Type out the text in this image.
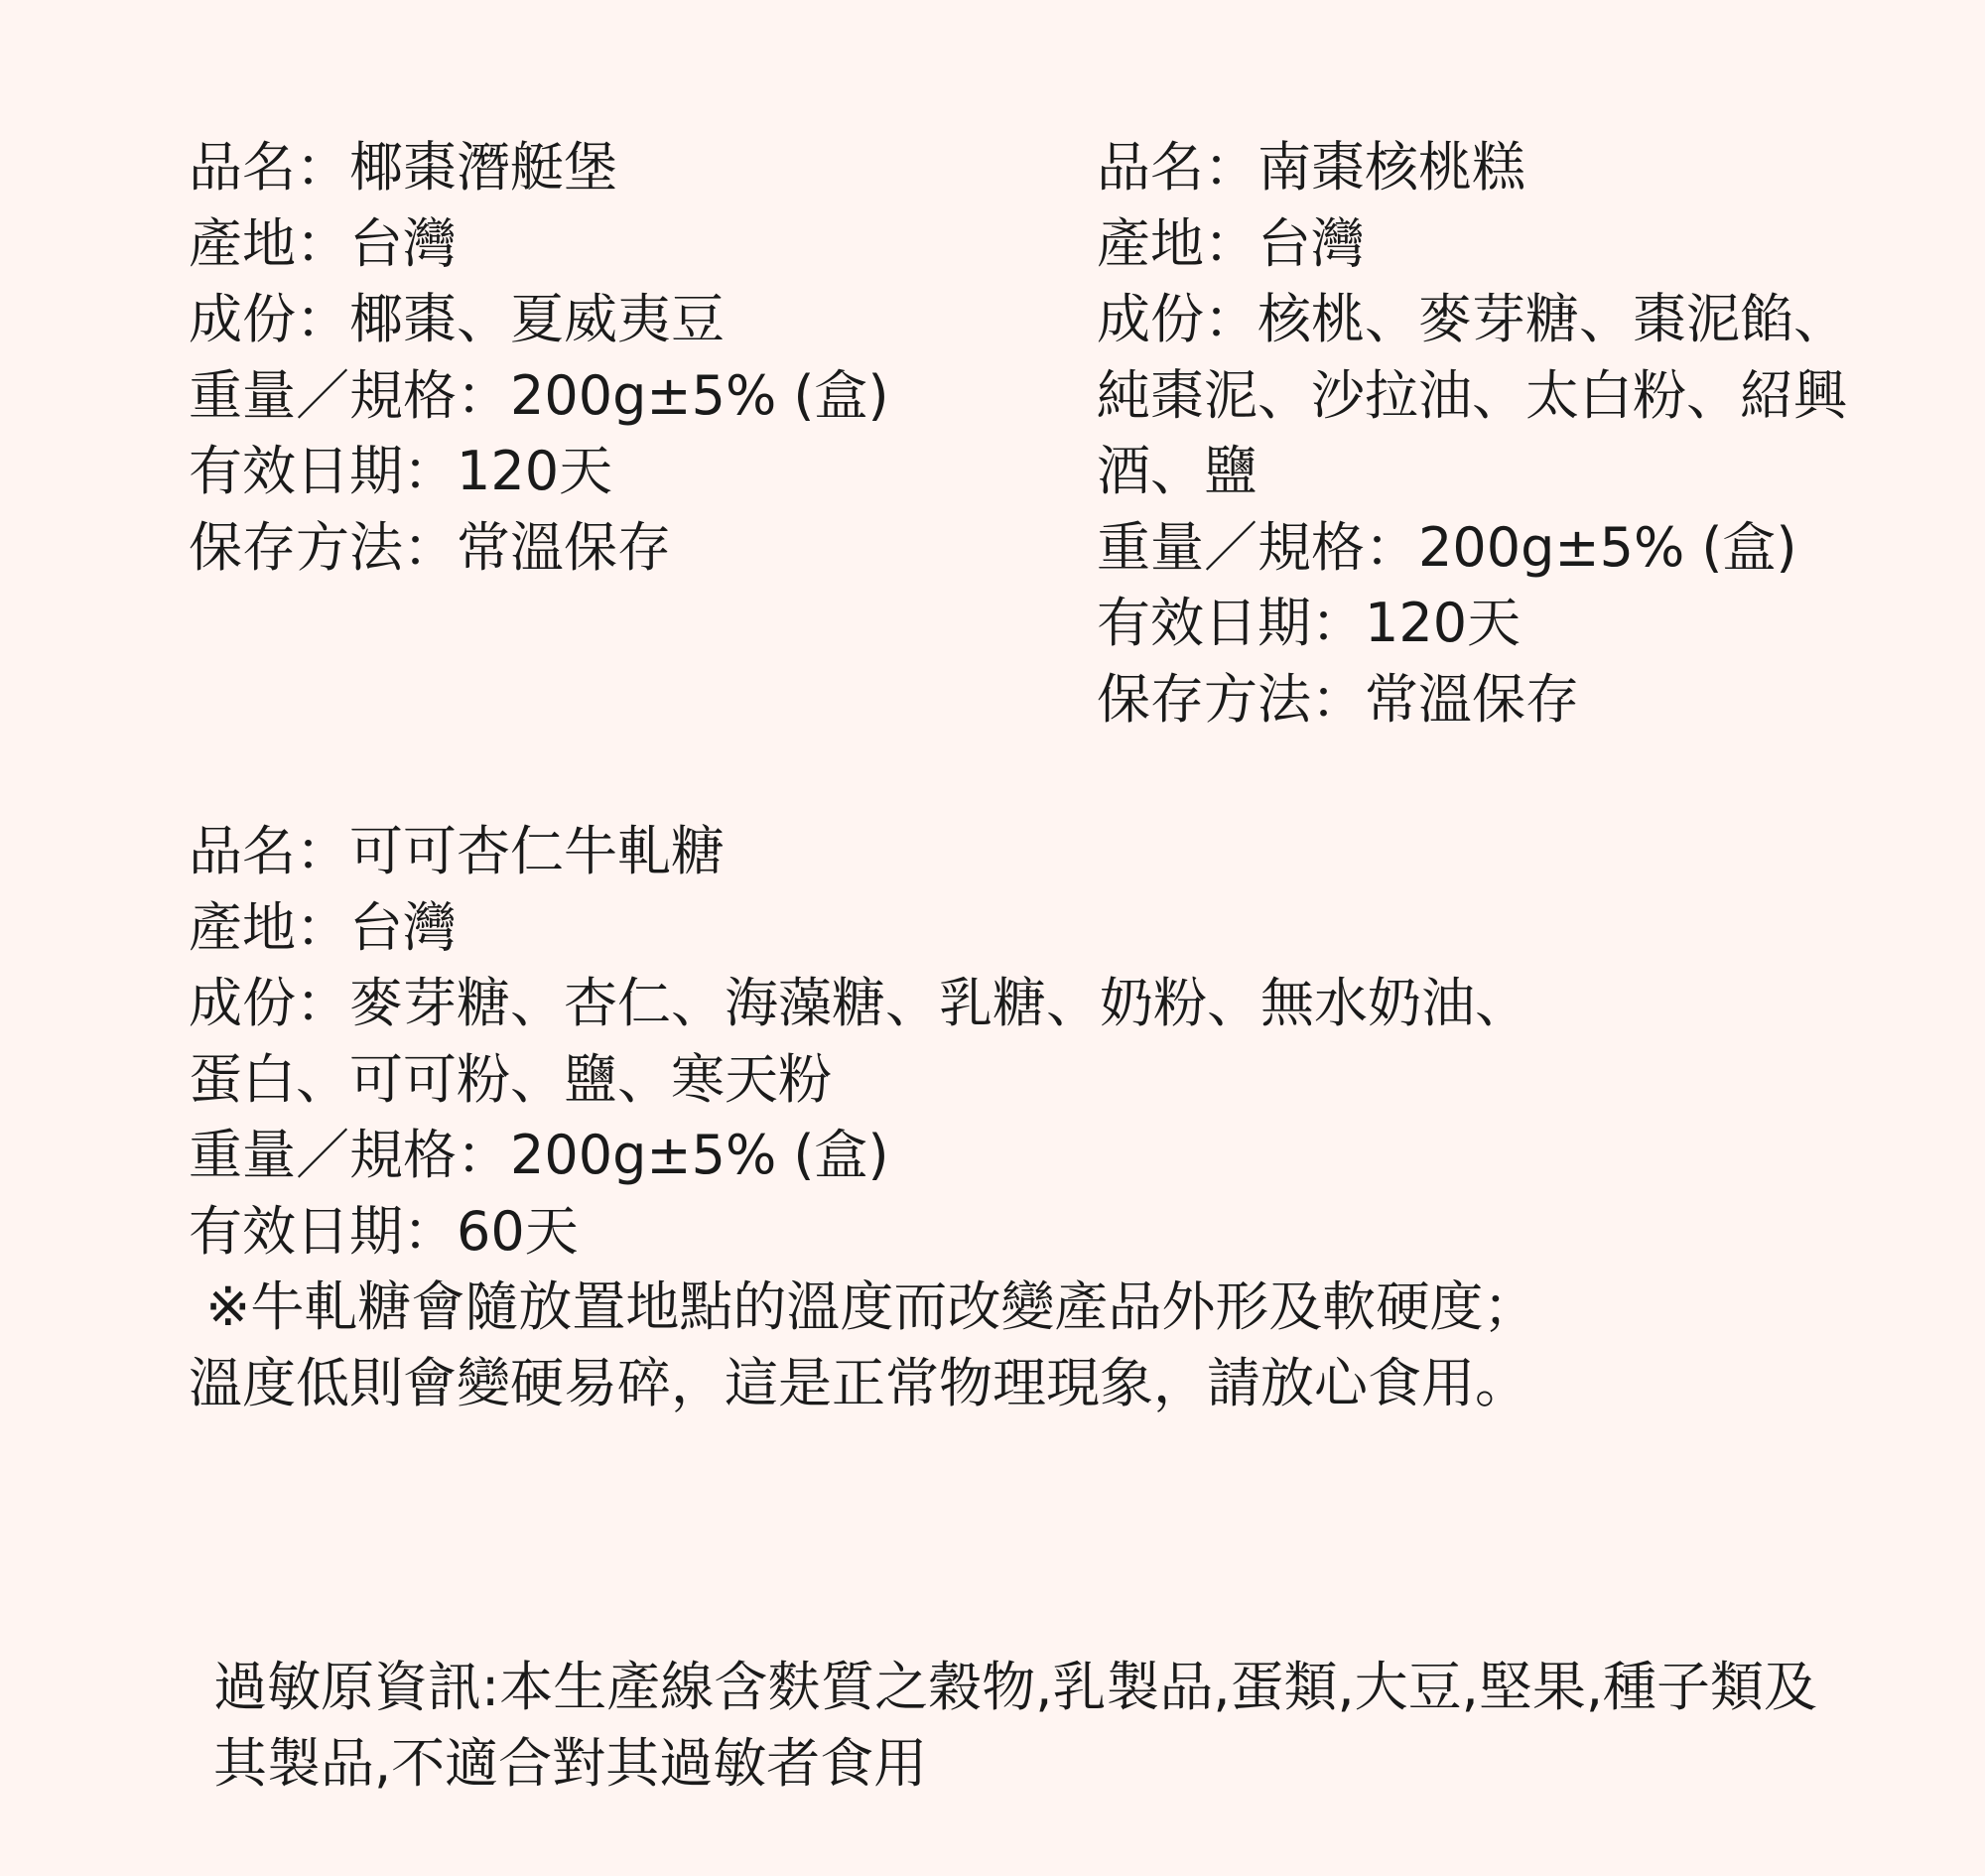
品名：椰棗潛艇堡

產地：台灣

成份：椰棗、夏威夷豆

重量／規格：200g±5% (盒)

有效日期：120天

保存方法：常溫保存

品名：南棗核桃糕

產地：台灣

成份：核桃、麥芽糖、棗泥餡、

純棗泥、沙拉油、太白粉、紹興

酒、鹽

重量／規格：200g±5% (盒)

有效日期：120天

保存方法：常溫保存

品名：可可杏仁牛軋糖

產地：台灣

成份：麥芽糖、杏仁、海藻糖、乳糖、奶粉、無水奶油、

蛋白、可可粉、鹽、寒天粉

重量／規格：200g±5% (盒)

有效日期：60天

※牛軋糖會隨放置地點的溫度而改變產品外形及軟硬度；

溫度低則會變硬易碎，這是正常物理現象，請放心食用。

過敏原資訊:本生產線含麩質之穀物,乳製品,蛋類,大豆,堅果,種子類及

其製品,不適合對其過敏者食用
